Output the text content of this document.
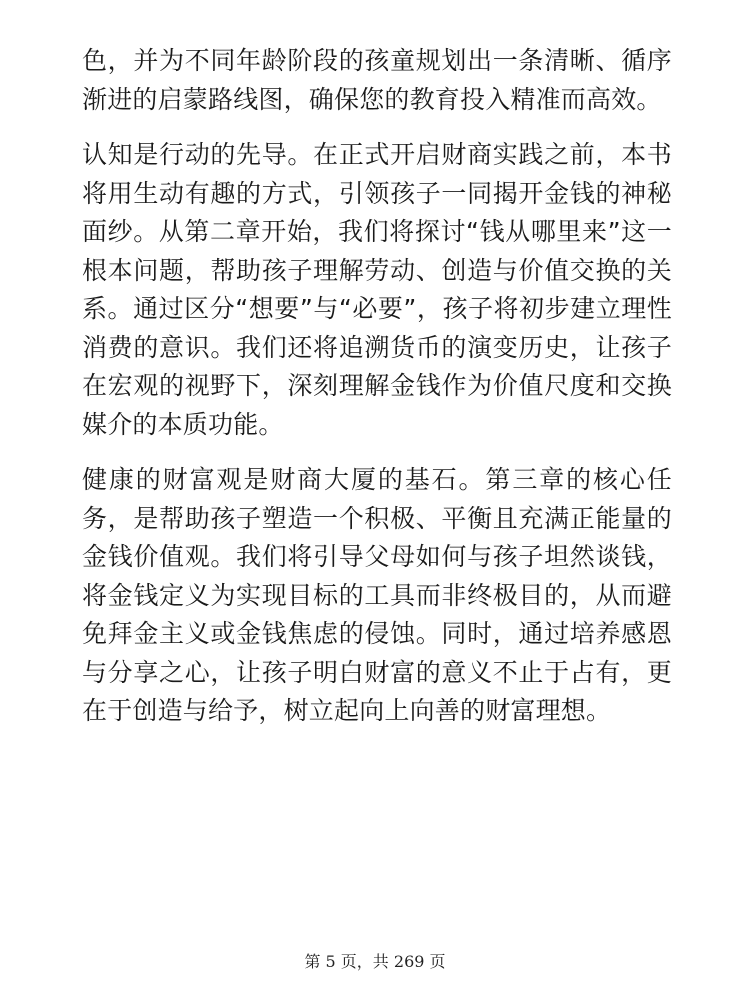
色，并为不同年龄阶段的孩童规划出一条清晰、循序渐进的启蒙路线图，确保您的教育投入精准而高效。

认知是行动的先导。在正式开启财商实践之前，本书将用生动有趣的方式，引领孩子一同揭开金钱的神秘面纱。从第二章开始，我们将探讨“钱从哪里来”这一根本问题，帮助孩子理解劳动、创造与价值交换的关系。通过区分“想要”与“必要”，孩子将初步建立理性消费的意识。我们还将追溯货币的演变历史，让孩子在宏观的视野下，深刻理解金钱作为价值尺度和交换媒介的本质功能。

健康的财富观是财商大厦的基石。第三章的核心任务，是帮助孩子塑造一个积极、平衡且充满正能量的金钱价值观。我们将引导父母如何与孩子坦然谈钱，将金钱定义为实现目标的工具而非终极目的，从而避免拜金主义或金钱焦虑的侵蚀。同时，通过培养感恩与分享之心，让孩子明白财富的意义不止于占有，更在于创造与给予，树立起向上向善的财富理想。

第 5 页，共 269 页
